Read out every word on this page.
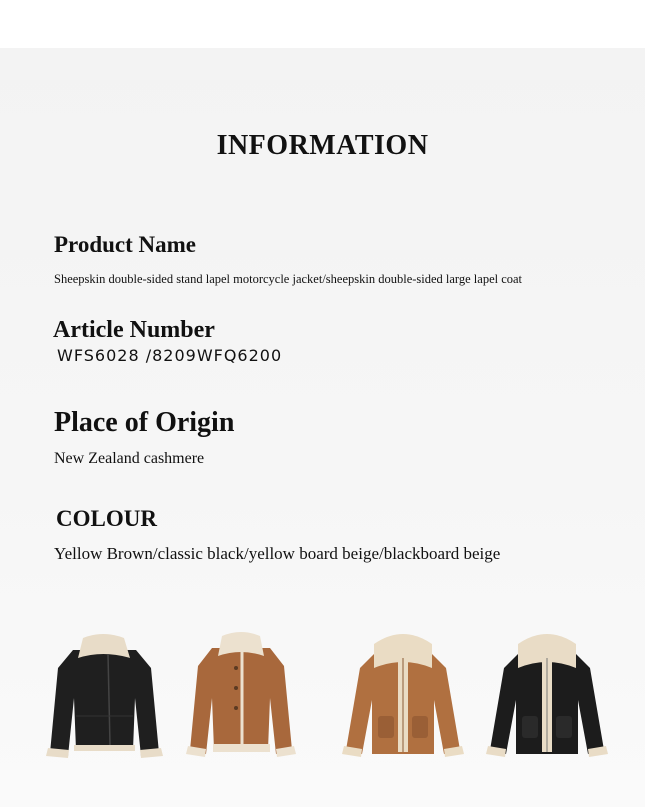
INFORMATION
Product Name
Sheepskin double-sided stand lapel motorcycle jacket/sheepskin double-sided large lapel coat
Article Number
WFS6028 /8209WFQ6200
Place of Origin
New Zealand cashmere
COLOUR
Yellow Brown/classic black/yellow board beige/blackboard beige
